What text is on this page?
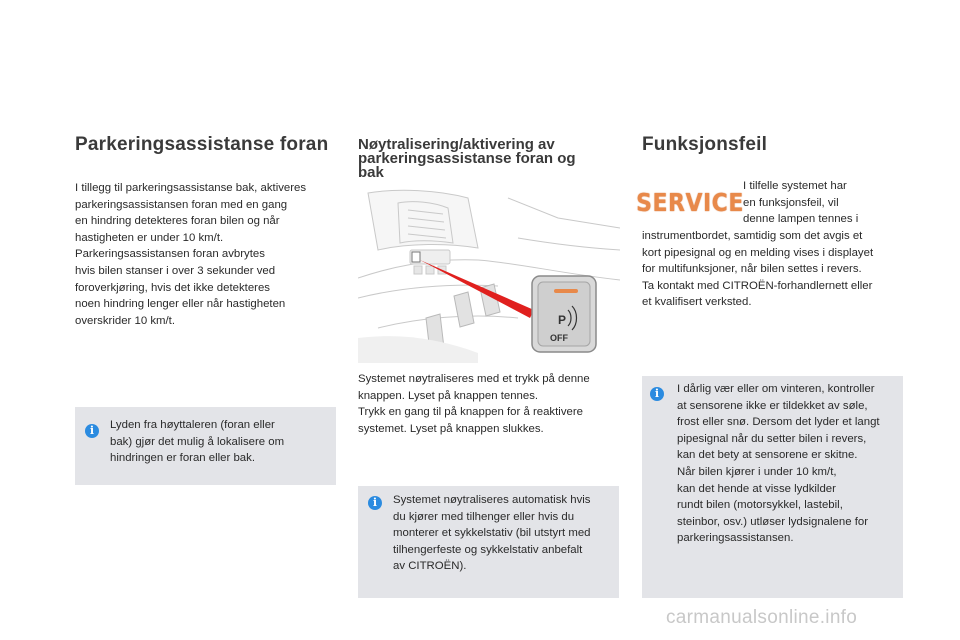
Parkeringsassistanse foran

I tillegg til parkeringsassistanse bak, aktiveres

parkeringsassistansen foran med en gang

en hindring detekteres foran bilen og når

hastigheten er under 10 km/t.

Parkeringsassistansen foran avbrytes

hvis bilen stanser i over 3 sekunder ved

foroverkjøring, hvis det ikke detekteres

noen hindring lenger eller når hastigheten

overskrider 10 km/t.

i	Lyden fra høyttaleren (foran eller

bak) gjør det mulig å lokalisere om

hindringen er foran eller bak.

Nøytralisering/aktivering av
parkeringsassistanse foran og
bak
P
OFF

Systemet nøytraliseres med et trykk på denne

knappen. Lyset på knappen tennes.

Trykk en gang til på knappen for å reaktivere

systemet. Lyset på knappen slukkes.

i	Systemet nøytraliseres automatisk hvis

du kjører med tilhenger eller hvis du

monterer et sykkelstativ (bil utstyrt med

tilhengerfeste og sykkelstativ anbefalt

av CITROËN).

Funksjonsfeil
SERVICE

I tilfelle systemet har

en funksjonsfeil, vil

denne lampen tennes i

instrumentbordet, samtidig som det avgis et

kort pipesignal og en melding vises i displayet

for multifunksjoner, når bilen settes i revers.

Ta kontakt med CITROËN-forhandlernett eller

et kvalifisert verksted.

i	I dårlig vær eller om vinteren, kontroller

at sensorene ikke er tildekket av søle,

frost eller snø. Dersom det lyder et langt

pipesignal når du setter bilen i revers,

kan det bety at sensorene er skitne.

Når bilen kjører i under 10 km/t,

kan det hende at visse lydkilder

rundt bilen (motorsykkel, lastebil,

steinbor, osv.) utløser lydsignalene for

parkeringsassistansen.

carmanualsonline.info
